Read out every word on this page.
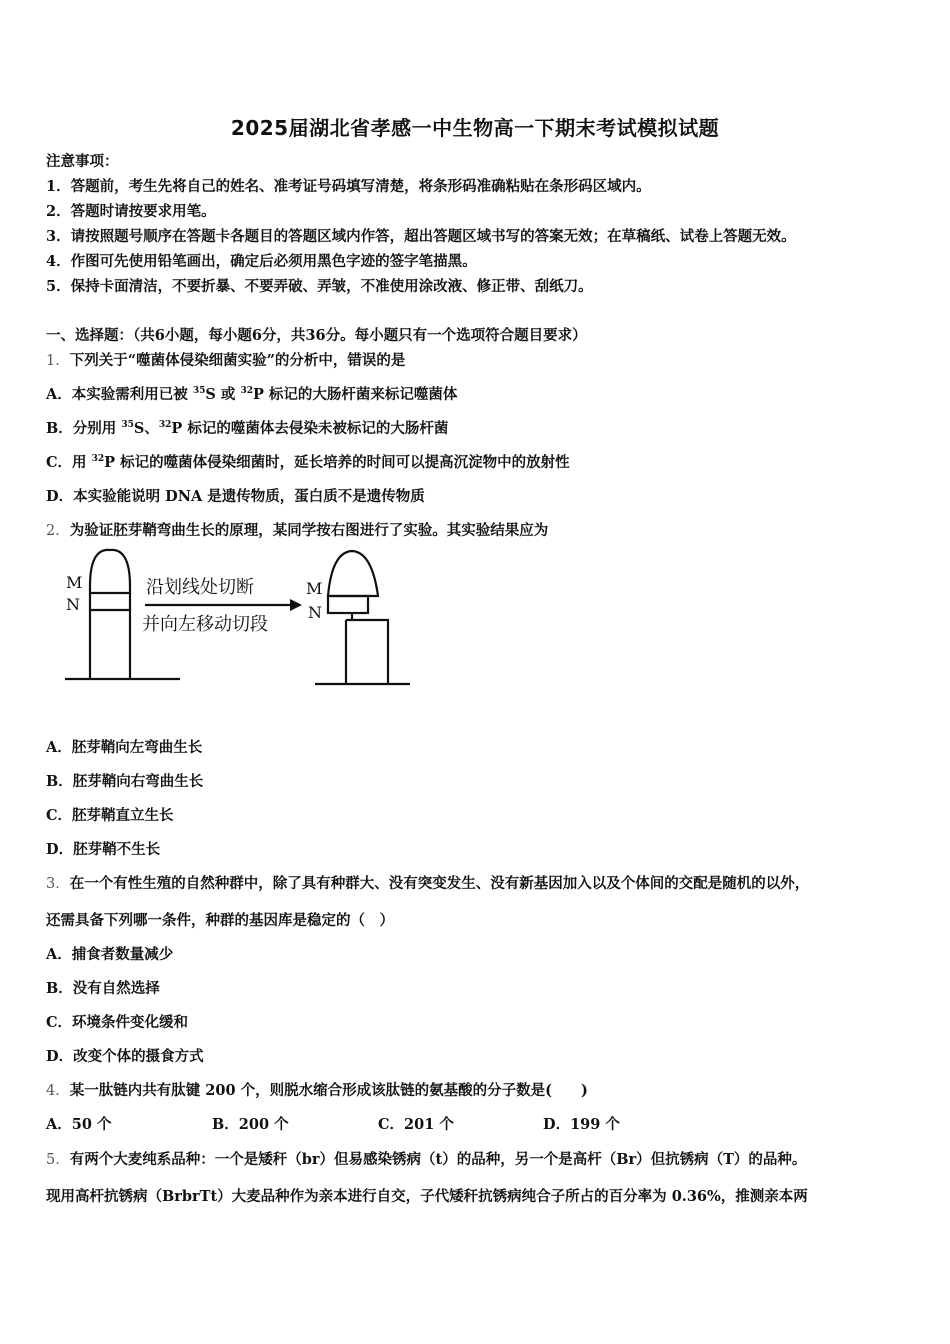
2025届湖北省孝感一中生物高一下期末考试模拟试题
注意事项：
1．答题前，考生先将自己的姓名、准考证号码填写清楚，将条形码准确粘贴在条形码区域内。
2．答题时请按要求用笔。
3．请按照题号顺序在答题卡各题目的答题区域内作答，超出答题区域书写的答案无效；在草稿纸、试卷上答题无效。
4．作图可先使用铅笔画出，确定后必须用黑色字迹的签字笔描黑。
5．保持卡面清洁，不要折暴、不要弄破、弄皱，不准使用涂改液、修正带、刮纸刀。
一、选择题：（共6小题，每小题6分，共36分。每小题只有一个选项符合题目要求）
1．下列关于“噬菌体侵染细菌实验”的分析中，错误的是
A．本实验需利用已被 $^{35}$S 或 $^{32}$P 标记的大肠杆菌来标记噬菌体
B．分别用 $^{35}$S、$^{32}$P 标记的噬菌体去侵染未被标记的大肠杆菌
C．用 $^{32}$P 标记的噬菌体侵染细菌时，延长培养的时间可以提高沉淀物中的放射性
D．本实验能说明 DNA 是遗传物质，蛋白质不是遗传物质
2．为验证胚芽鞘弯曲生长的原理，某同学按右图进行了实验。其实验结果应为
M
N
沿划线处切断
并向左移动切段
M
N
A．胚芽鞘向左弯曲生长
B．胚芽鞘向右弯曲生长
C．胚芽鞘直立生长
D．胚芽鞘不生长
3．在一个有性生殖的自然种群中，除了具有种群大、没有突变发生、没有新基因加入以及个体间的交配是随机的以外，
还需具备下列哪一条件，种群的基因库是稳定的（　）
A．捕食者数量减少
B．没有自然选择
C．环境条件变化缓和
D．改变个体的摄食方式
4．某一肽链内共有肽键 200 个，则脱水缩合形成该肽链的氨基酸的分子数是(　　)
A．50 个	B．200 个	C．201 个	D．199 个
5．有两个大麦纯系品种：一个是矮秆（br）但易感染锈病（t）的品种，另一个是高杆（Br）但抗锈病（T）的品种。
现用高杆抗锈病（BrbrTt）大麦品种作为亲本进行自交，子代矮秆抗锈病纯合子所占的百分率为 0.36%，推测亲本两
